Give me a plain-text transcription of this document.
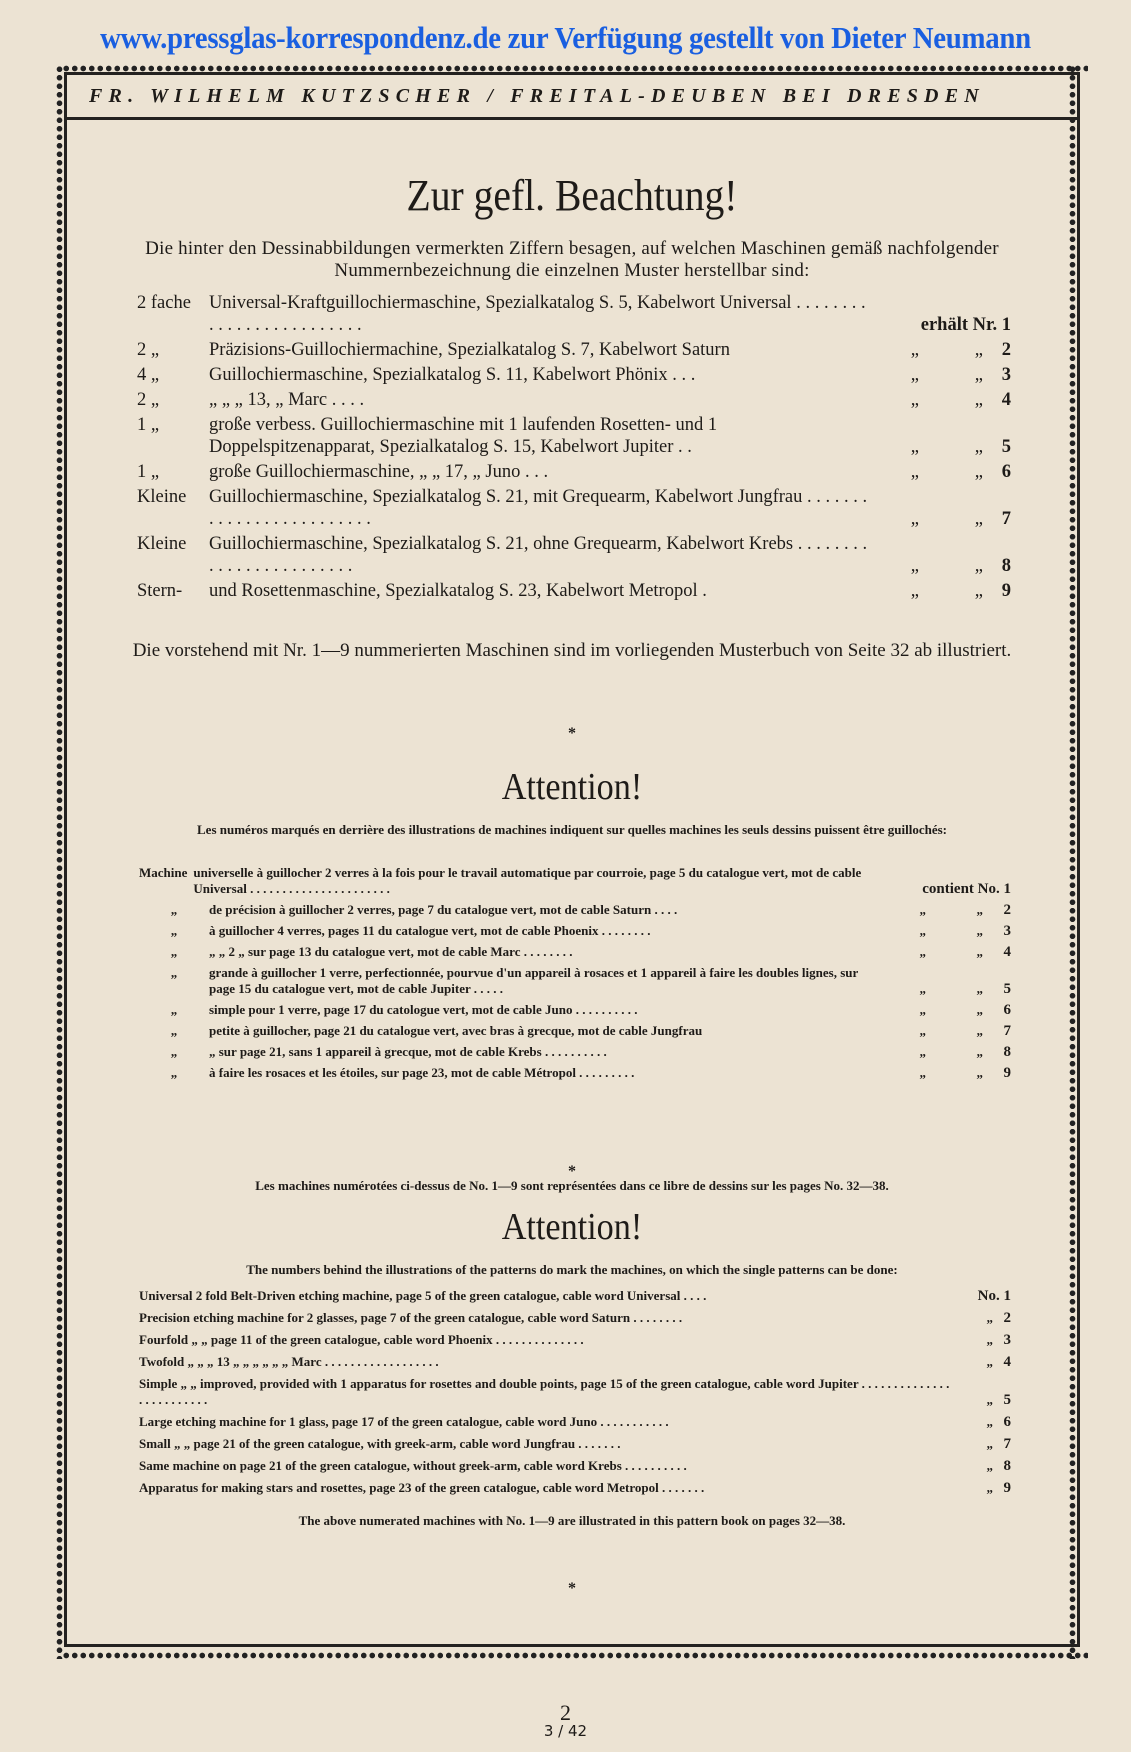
www.pressglas-korrespondenz.de zur Verfügung gestellt von Dieter Neumann
FR. WILHELM KUTZSCHER / FREITAL-DEUBEN BEI DRESDEN
Zur gefl. Beachtung!
Die hinter den Dessinabbildungen vermerkten Ziffern besagen, auf welchen Maschinen gemäß nachfolgender Nummernbezeichnung die einzelnen Muster herstellbar sind:
2 fache Universal-Kraftguillochiermaschine, Spezialkatalog S. 5, Kabelwort Universal . . . . . . . . . . . . . . . . . . . . . . . . .	erhält Nr. 1
2 „	Präzisions-Guillochiermachine, Spezialkatalog S. 7, Kabelwort Saturn	„	„ 2
4 „	Guillochiermaschine, Spezialkatalog S. 11, Kabelwort Phönix . . .	„	„ 3
2 „	„ „ „ 13, „ Marc . . . .	„	„ 4
1 „	große verbess. Guillochiermaschine mit 1 laufenden Rosetten- und 1 Doppelspitzenapparat, Spezialkatalog S. 15, Kabelwort Jupiter . .	„	„ 5
1 „	große Guillochiermaschine, „ „ 17, „ Juno . . .	„	„ 6
Kleine	Guillochiermaschine, Spezialkatalog S. 21, mit Grequearm, Kabelwort Jungfrau . . . . . . . . . . . . . . . . . . . . . . . . .	„	„ 7
Kleine	Guillochiermaschine, Spezialkatalog S. 21, ohne Grequearm, Kabelwort Krebs . . . . . . . . . . . . . . . . . . . . . . . .	„	„ 8
Stern-	und Rosettenmaschine, Spezialkatalog S. 23, Kabelwort Metropol .	„	„ 9
Die vorstehend mit Nr. 1—9 nummerierten Maschinen sind im vorliegenden Musterbuch von Seite 32 ab illustriert.
*
Attention!
Les numéros marqués en derrière des illustrations de machines indiquent sur quelles machines les seuls dessins puissent être guillochés:
Machine universelle à guillocher 2 verres à la fois pour le travail automatique par courroie, page 5 du catalogue vert, mot de cable Universal . . . . . . . . . . . . . . . . . . . . . .	contient No. 1
„	de précision à guillocher 2 verres, page 7 du catalogue vert, mot de cable Saturn . . . .	„	„ 2
„	à guillocher 4 verres, pages 11 du catalogue vert, mot de cable Phoenix . . . . . . . .	„	„ 3
„	„ „ 2 „ sur page 13 du catalogue vert, mot de cable Marc . . . . . . . .	„	„ 4
„	grande à guillocher 1 verre, perfectionnée, pourvue d'un appareil à rosaces et 1 appareil à faire les doubles lignes, sur page 15 du catalogue vert, mot de cable Jupiter . . . . .	„	„ 5
„	simple pour 1 verre, page 17 du catologue vert, mot de cable Juno . . . . . . . . . .	„	„ 6
„	petite à guillocher, page 21 du catalogue vert, avec bras à grecque, mot de cable Jungfrau	„	„ 7
„	„ sur page 21, sans 1 appareil à grecque, mot de cable Krebs . . . . . . . . . .	„	„ 8
„	à faire les rosaces et les étoiles, sur page 23, mot de cable Métropol . . . . . . . . .	„	„ 9
Les machines numérotées ci-dessus de No. 1—9 sont représentées dans ce libre de dessins sur les pages No. 32—38.
*
Attention!
The numbers behind the illustrations of the patterns do mark the machines, on which the single patterns can be done:
Universal 2 fold Belt-Driven etching machine, page 5 of the green catalogue, cable word Universal . . . .	No. 1
Precision etching machine for 2 glasses, page 7 of the green catalogue, cable word Saturn . . . . . . . .	„ 2
Fourfold „ „ page 11 of the green catalogue, cable word Phoenix . . . . . . . . . . . . . .	„ 3
Twofold „ „ „ 13 „ „ „ „ „ „ Marc . . . . . . . . . . . . . . . . . .	„ 4
Simple „ „ improved, provided with 1 apparatus for rosettes and double points, page 15 of the green catalogue, cable word Jupiter . . . . . . . . . . . . . . . . . . . . . . . . .	„ 5
Large etching machine for 1 glass, page 17 of the green catalogue, cable word Juno . . . . . . . . . . .	„ 6
Small „ „ page 21 of the green catalogue, with greek-arm, cable word Jungfrau . . . . . . .	„ 7
Same machine on page 21 of the green catalogue, without greek-arm, cable word Krebs . . . . . . . . . .	„ 8
Apparatus for making stars and rosettes, page 23 of the green catalogue, cable word Metropol . . . . . . .	„ 9
The above numerated machines with No. 1—9 are illustrated in this pattern book on pages 32—38.
*
2
3 / 42
